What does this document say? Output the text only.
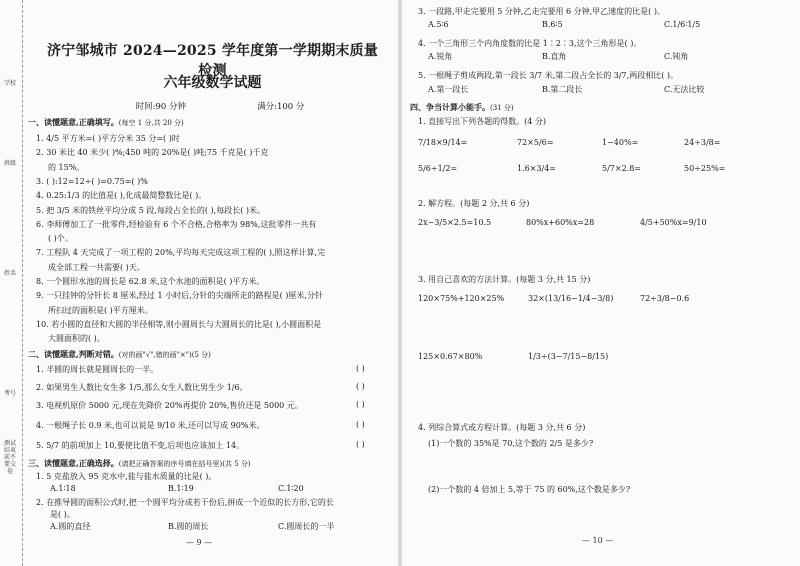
学校
班级
姓名
考号
测试结束前不要交卷
济宁邹城市 2024—2025 学年度第一学期期末质量检测
六年级数学试题
时间:90 分钟	满分:100 分
一、读懂题意,正确填写。(每空 1 分,共 20 分)
1. 4/5 平方米=( )平方分米 35 分=( )时
2. 30 米比 40 米少( )%;450 吨的 20%是( )吨;75 千克是( )千克
的 15%。
3. ( ):12=12÷( )=0.75=( )%
4. 0.25:1/3 的比值是( ),化成最简整数比是( )。
5. 把 3/5 米的铁丝平均分成 5 段,每段占全长的( ),每段长( )米。
6. 李师傅加工了一批零件,经检验有 6 个不合格,合格率为 98%,这批零件一共有
( )个。
7. 工程队 4 天完成了一项工程的 20%,平均每天完成这项工程的( ),照这样计算,完
成全部工程一共需要( )天。
8. 一个圆形水池的周长是 62.8 米,这个水池的面积是( )平方米。
9. 一只挂钟的分针长 8 厘米,经过 1 小时后,分针的尖端所走的路程是( )厘米,分针
所扫过的面积是( )平方厘米。
10. 若小圆的直径和大圆的半径相等,则小圆周长与大圆周长的比是( ),小圆面积是
大圆面积的( )。
二、读懂题意,判断对错。(对的画"√",错的画"×")(5 分)
1. 半圆的周长就是圆周长的一半。	( )
2. 如果男生人数比女生多 1/5,那么女生人数比男生少 1/6。	( )
3. 电视机原价 5000 元,现在先降价 20%再提价 20%,售价还是 5000 元。	( )
4. 一根绳子长 0.9 米,也可以说是 9/10 米,还可以写成 90%米。	( )
5. 5/7 的前项加上 10,要使比值不变,后项也应该加上 14。	( )
三、读懂题意,正确选择。(请把正确答案的序号填在括号里)(共 5 分)
1. 5 克盐放入 95 克水中,盐与盐水质量的比是( )。
A.1∶18	B.1∶19	C.1∶20
2. 在推导圆的面积公式时,把一个圆平均分成若干份后,拼成一个近似的长方形,它的长
是( )。
A.圆的直径	B.圆的周长	C.圆周长的一半
— 9 —
3. 一段路,甲走完要用 5 分钟,乙走完要用 6 分钟,甲乙速度的比是( )。
A.5∶6	B.6∶5	C.1/6∶1/5
4. 一个三角形三个内角度数的比是 1∶2∶3,这个三角形是( )。
A.锐角	B.直角	C.钝角
5. 一根绳子剪成两段,第一段长 3/7 米,第二段占全长的 3/7,两段相比( )。
A.第一段长	B.第二段长	C.无法比较
四、争当计算小能手。(31 分)
1. 直接写出下列各题的得数。(4 分)
7/18×9/14=	72×5/6=	1−40%=	24÷3/8=
5/6÷1/2=	1.6×3/4=	5/7×2.8=	50÷25%=
2. 解方程。(每题 2 分,共 6 分)
2x−3/5×2.5=10.5	80%x+60%x=28	4/5+50%x=9/10
3. 用自己喜欢的方法计算。(每题 3 分,共 15 分)
120×75%+120×25%	32×(13/16−1/4−3/8)	72÷3/8−0.6
125×0.67×80%	1/3÷(3−7/15−8/15)
4. 列综合算式或方程计算。(每题 3 分,共 6 分)
(1)一个数的 35%是 70,这个数的 2/5 是多少?
(2)一个数的 4 倍加上 5,等于 75 的 60%,这个数是多少?
— 10 —
